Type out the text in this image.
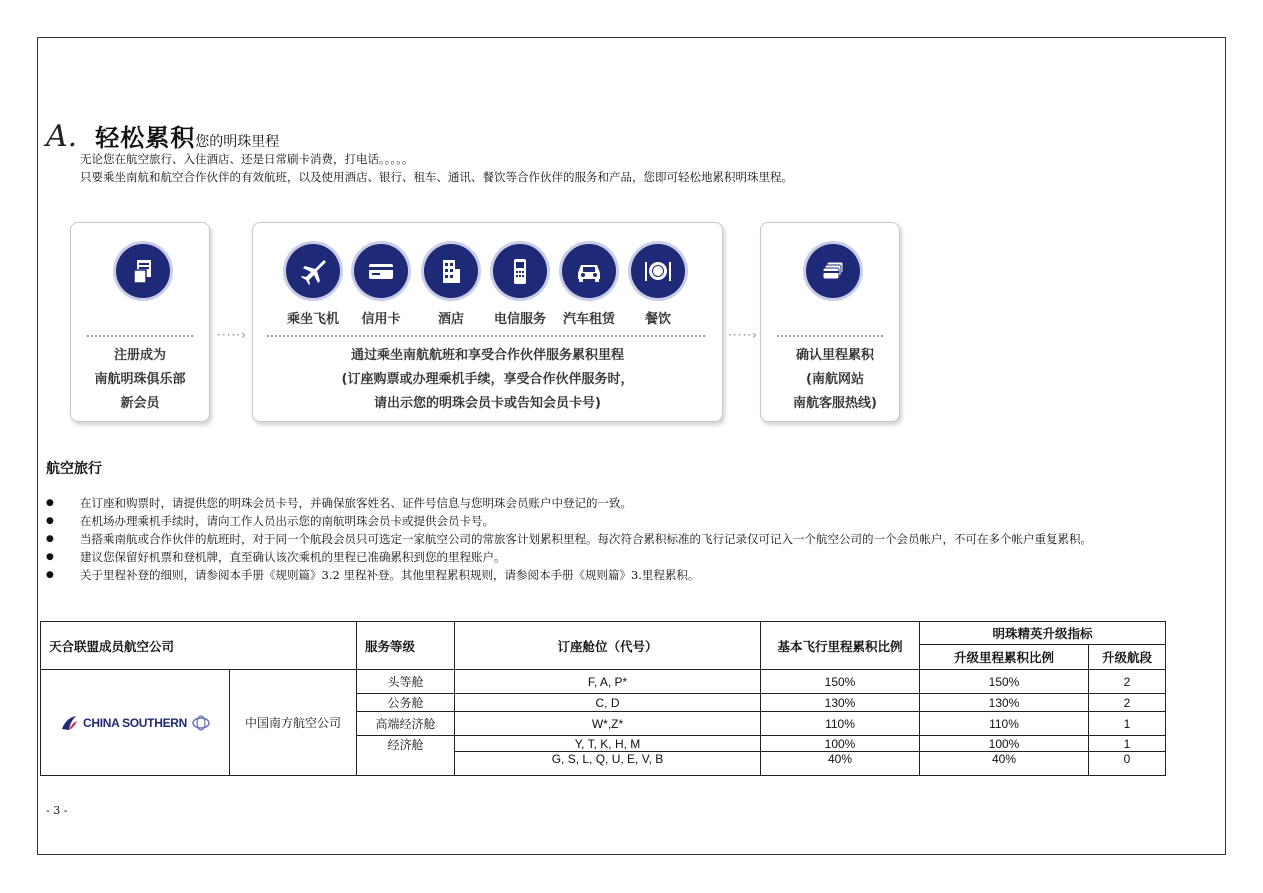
A. 轻松累积您的明珠里程
无论您在航空旅行、入住酒店、还是日常刷卡消费，打电话。。。。。
只要乘坐南航和航空合作伙伴的有效航班，以及使用酒店、银行、租车、通讯、餐饮等合作伙伴的服务和产品，您即可轻松地累积明珠里程。
注册成为
南航明珠俱乐部
新会员
·····›
乘坐飞机	信用卡	酒店	电信服务	汽车租赁	餐饮
通过乘坐南航航班和享受合作伙伴服务累积里程
(订座购票或办理乘机手续，享受合作伙伴服务时，
请出示您的明珠会员卡或告知会员卡号)
·····›
确认里程累积
(南航网站
南航客服热线)
航空旅行
● 在订座和购票时，请提供您的明珠会员卡号，并确保旅客姓名、证件号信息与您明珠会员账户中登记的一致。
● 在机场办理乘机手续时，请向工作人员出示您的南航明珠会员卡或提供会员卡号。
● 当搭乘南航或合作伙伴的航班时，对于同一个航段会员只可选定一家航空公司的常旅客计划累积里程。每次符合累积标准的飞行记录仅可记入一个航空公司的一个会员帐户，不可在多个帐户重复累积。
● 建议您保留好机票和登机牌，直至确认该次乘机的里程已准确累积到您的里程账户。
● 关于里程补登的细则，请参阅本手册《规则篇》3.2 里程补登。其他里程累积规则，请参阅本手册《规则篇》3.里程累积。
天合联盟成员航空公司		服务等级	订座舱位（代号）	基本飞行里程累积比例	明珠精英升级指标	
					升级里程累积比例	升级航段

CHINA SOUTHERN	中国南方航空公司	头等舱	F, A, P*	150%	150%	2
		公务舱	C, D	130%	130%	2
		高端经济舱	W*,Z*	110%	110%	1
		经济舱	Y, T, K, H, M	100%	100%	1
			G, S, L, Q, U, E, V, B	40%	40%	0
- 3 -
